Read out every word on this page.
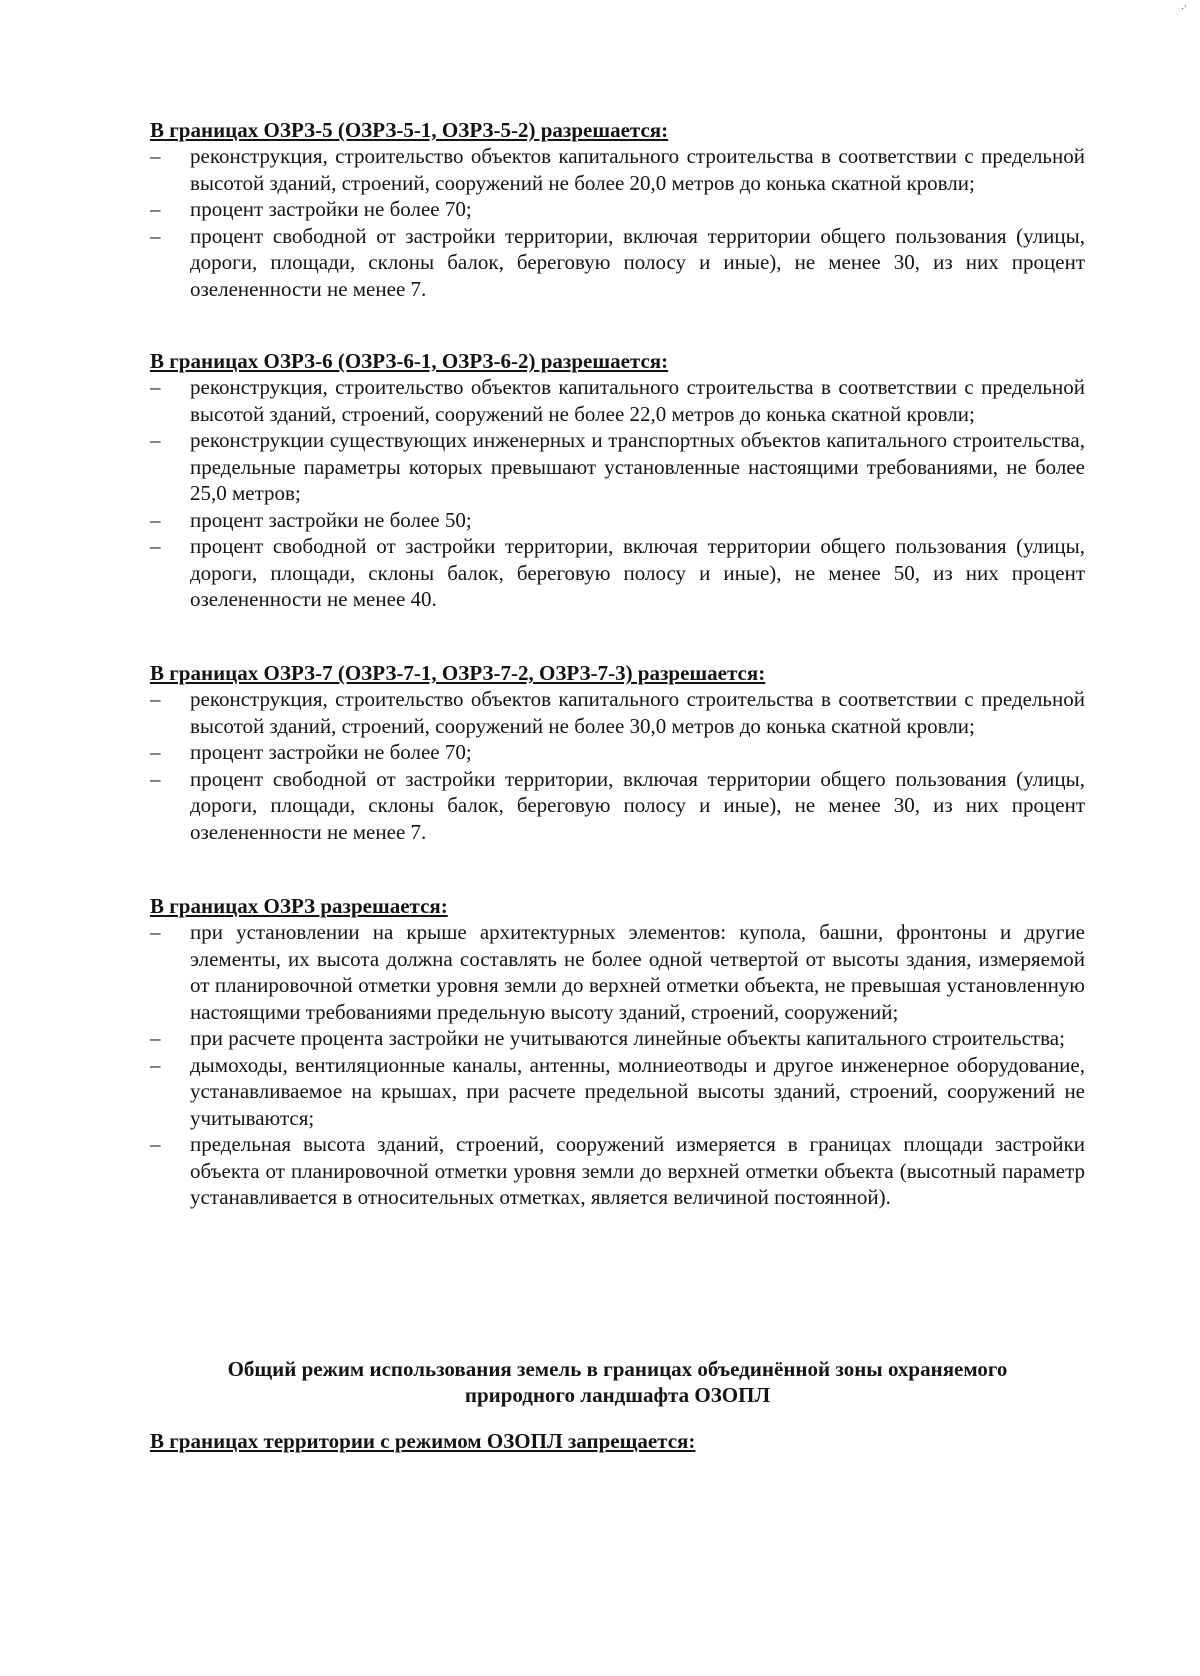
·'

В границах ОЗРЗ-5 (ОЗРЗ-5-1, ОЗРЗ-5-2) разрешается:

– реконструкция, строительство объектов капитального строительства в соответствии с предельной высотой зданий, строений, сооружений не более 20,0 метров до конька скатной кровли;
– процент застройки не более 70;
– процент свободной от застройки территории, включая территории общего пользования (улицы, дороги, площади, склоны балок, береговую полосу и иные), не менее 30, из них процент озелененности не менее 7.

В границах ОЗРЗ-6 (ОЗРЗ-6-1, ОЗРЗ-6-2) разрешается:

– реконструкция, строительство объектов капитального строительства в соответствии с предельной высотой зданий, строений, сооружений не более 22,0 метров до конька скатной кровли;
– реконструкции существующих инженерных и транспортных объектов капитального строительства, предельные параметры которых превышают установленные настоящими требованиями, не более 25,0 метров;
– процент застройки не более 50;
– процент свободной от застройки территории, включая территории общего пользования (улицы, дороги, площади, склоны балок, береговую полосу и иные), не менее 50, из них процент озелененности не менее 40.

В границах ОЗРЗ-7 (ОЗРЗ-7-1, ОЗРЗ-7-2, ОЗРЗ-7-3) разрешается:

– реконструкция, строительство объектов капитального строительства в соответствии с предельной высотой зданий, строений, сооружений не более 30,0 метров до конька скатной кровли;
– процент застройки не более 70;
– процент свободной от застройки территории, включая территории общего пользования (улицы, дороги, площади, склоны балок, береговую полосу и иные), не менее 30, из них процент озелененности не менее 7.

В границах ОЗРЗ разрешается:

– при установлении на крыше архитектурных элементов: купола, башни, фронтоны и другие элементы, их высота должна составлять не более одной четвертой от высоты здания, измеряемой от планировочной отметки уровня земли до верхней отметки объекта, не превышая установленную настоящими требованиями предельную высоту зданий, строений, сооружений;
– при расчете процента застройки не учитываются линейные объекты капитального строительства;
– дымоходы, вентиляционные каналы, антенны, молниеотводы и другое инженерное оборудование, устанавливаемое на крышах, при расчете предельной высоты зданий, строений, сооружений не учитываются;
– предельная высота зданий, строений, сооружений измеряется в границах площади застройки объекта от планировочной отметки уровня земли до верхней отметки объекта (высотный параметр устанавливается в относительных отметках, является величиной постоянной).
Общий режим использования земель в границах объединённой зоны охраняемого
природного ландшафта ОЗОПЛ

В границах территории с режимом ОЗОПЛ запрещается:
